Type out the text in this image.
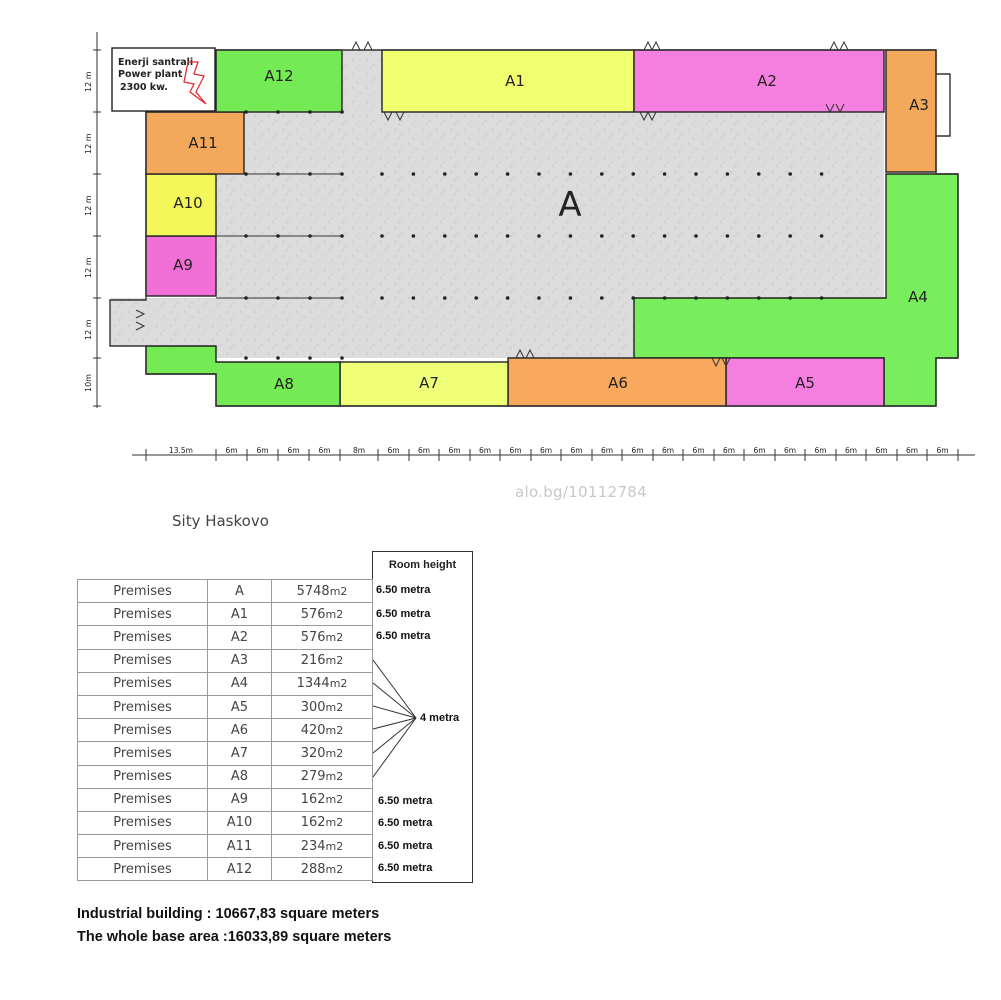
Enerji santrali
Power plant
2300 kw.
A
A1	A2
A3
A4
A5
A6
A7
A8
A9
A10
A11
A12
12 m
12 m
12 m
12 m
12 m
10m
13.5m	6m	6m	6m	6m	8m	6m 6m 6m 6m 6m 6m 6m 6m 6m 6m 6m 6m 6m 6m 6m 6m 6m 6m 6m
alo.bg/10112784
Sity Haskovo
Room height
Premises	A	5748m2
Premises	A1	576m2
Premises	A2	576m2
Premises	A3	216m2
Premises	A4	1344m2
Premises	A5	300m2
Premises	A6	420m2
Premises	A7	320m2
Premises	A8	279m2
Premises	A9	162m2
Premises	A10	162m2
Premises	A11	234m2
Premises	A12	288m2
6.50 metra
6.50 metra
6.50 metra
4 metra
6.50 metra
6.50 metra
6.50 metra
6.50 metra
Industrial building : 10667,83 square meters
The whole base area :16033,89 square meters
